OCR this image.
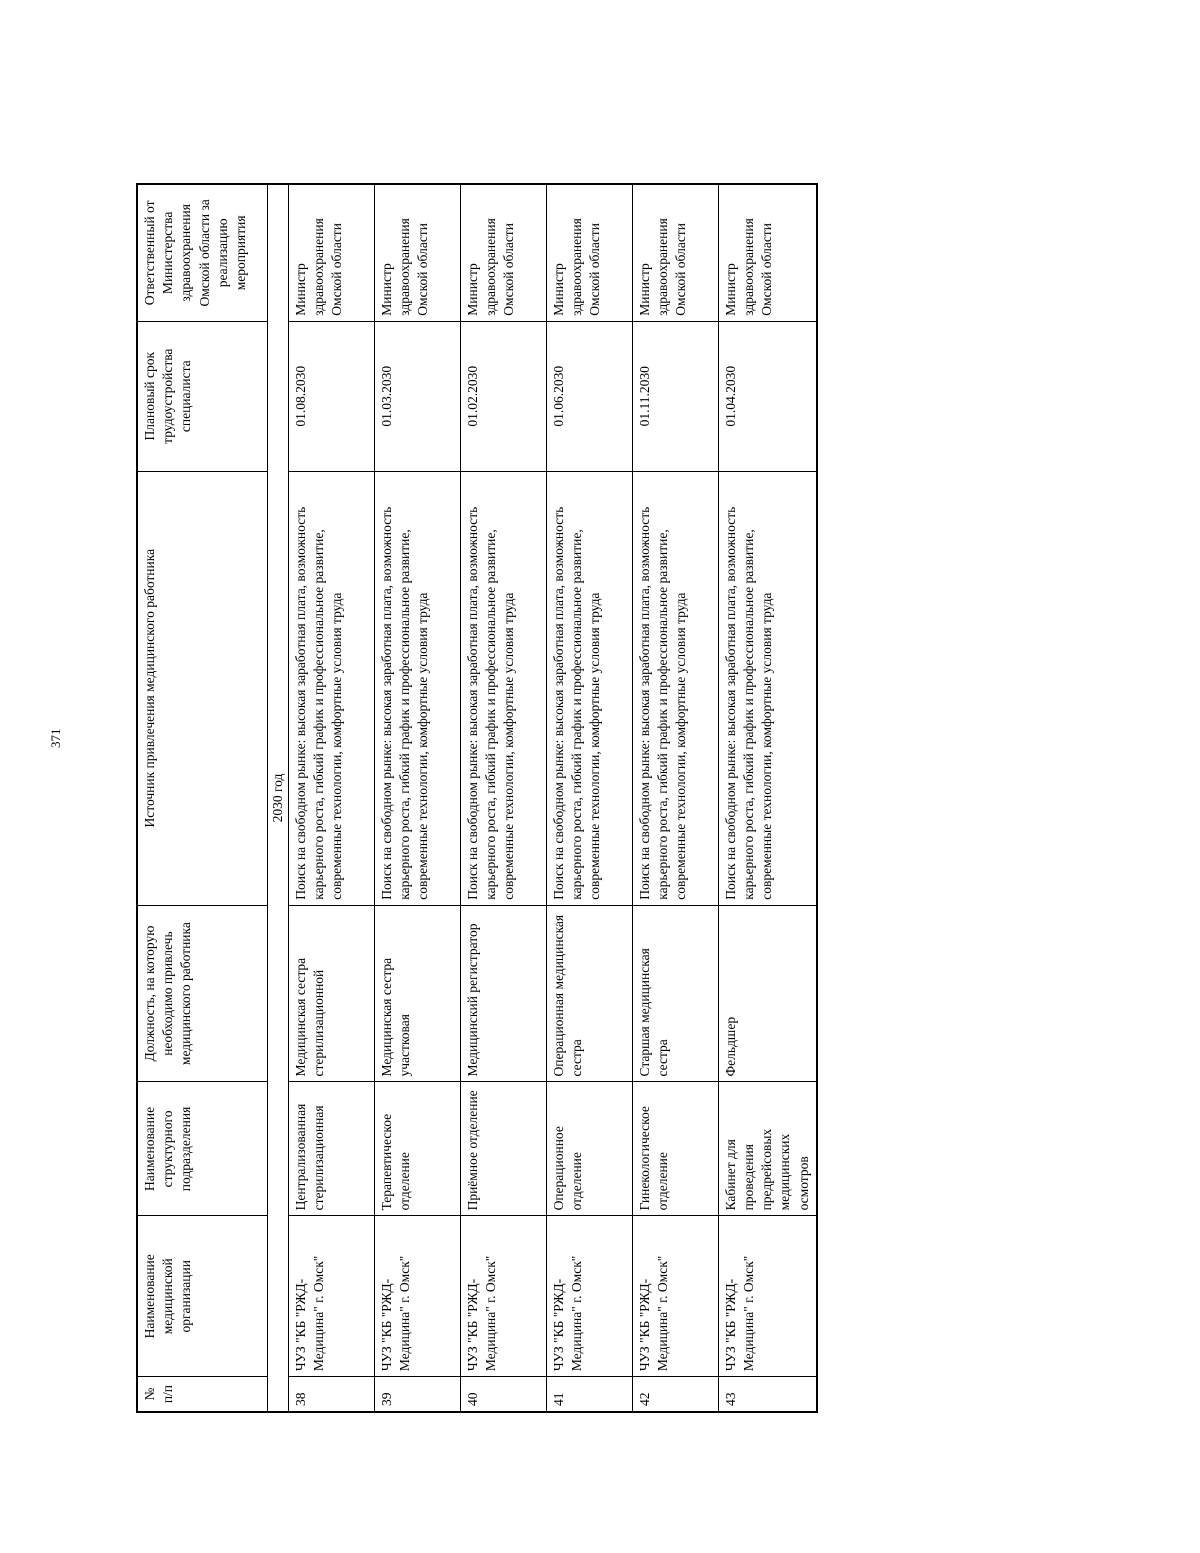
371
№ п/п	Наименование медицинской организации	Наименование структурного подразделения	Должность, на которую необходимо привлечь медицинского работника	Источник привлечения медицинского работника	Плановый срок трудоустройства специалиста	Ответственный от Министерства здравоохранения Омской области за реализацию мероприятия
2030 год						
38	ЧУЗ "КБ "РЖД-Медицина" г. Омск"	Централизованная стерилизационная	Медицинская сестра стерилизационной	Поиск на свободном рынке: высокая заработная плата, возможность карьерного роста, гибкий график и профессиональное развитие, современные технологии, комфортные условия труда	01.08.2030	Министр здравоохранения Омской области
39	ЧУЗ "КБ "РЖД-Медицина" г. Омск"	Терапевтическое отделение	Медицинская сестра участковая	Поиск на свободном рынке: высокая заработная плата, возможность карьерного роста, гибкий график и профессиональное развитие, современные технологии, комфортные условия труда	01.03.2030	Министр здравоохранения Омской области
40	ЧУЗ "КБ "РЖД-Медицина" г. Омск"	Приёмное отделение	Медицинский регистратор	Поиск на свободном рынке: высокая заработная плата, возможность карьерного роста, гибкий график и профессиональное развитие, современные технологии, комфортные условия труда	01.02.2030	Министр здравоохранения Омской области
41	ЧУЗ "КБ "РЖД-Медицина" г. Омск"	Операционное отделение	Операционная медицинская сестра	Поиск на свободном рынке: высокая заработная плата, возможность карьерного роста, гибкий график и профессиональное развитие, современные технологии, комфортные условия труда	01.06.2030	Министр здравоохранения Омской области
42	ЧУЗ "КБ "РЖД-Медицина" г. Омск"	Гинекологическое отделение	Старшая медицинская сестра	Поиск на свободном рынке: высокая заработная плата, возможность карьерного роста, гибкий график и профессиональное развитие, современные технологии, комфортные условия труда	01.11.2030	Министр здравоохранения Омской области
43	ЧУЗ "КБ "РЖД-Медицина" г. Омск"	Кабинет для проведения предрейсовых медицинских осмотров	Фельдшер	Поиск на свободном рынке: высокая заработная плата, возможность карьерного роста, гибкий график и профессиональное развитие, современные технологии, комфортные условия труда	01.04.2030	Министр здравоохранения Омской области
